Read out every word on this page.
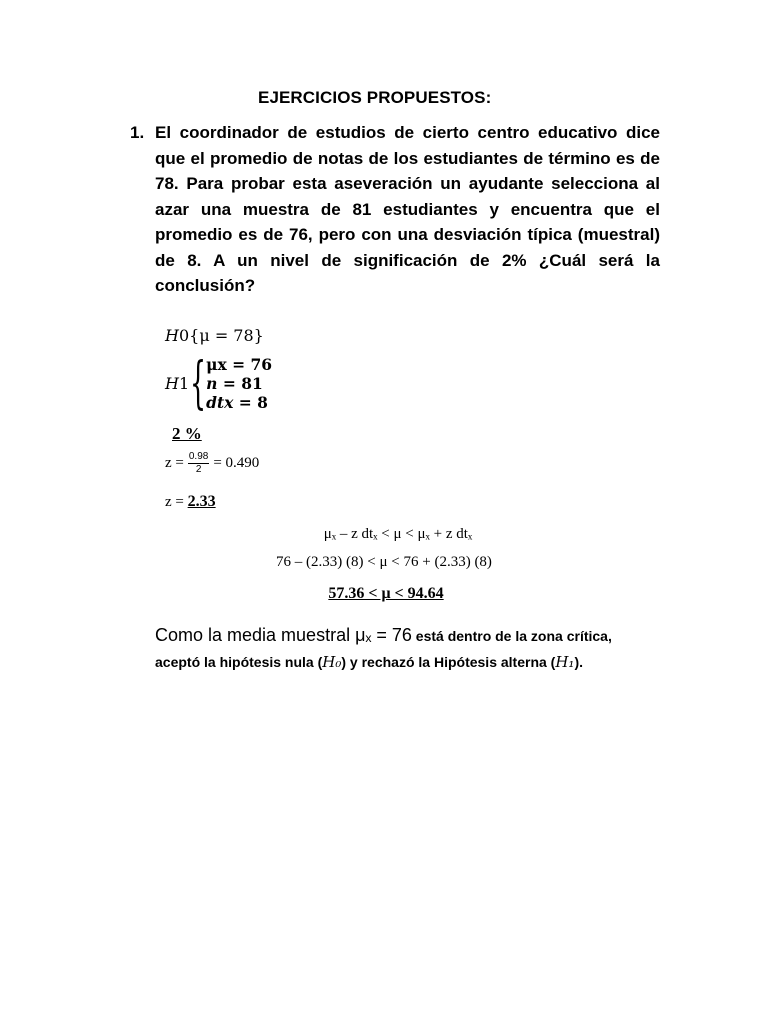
EJERCICIOS PROPUESTOS:
1. El coordinador de estudios de cierto centro educativo dice que el promedio de notas de los estudiantes de término es de 78. Para probar esta aseveración un ayudante selecciona al azar una muestra de 81 estudiantes y encuentra que el promedio es de 76, pero con una desviación típica (muestral) de 8. A un nivel de significación de 2% ¿Cuál será la conclusión?
H0{μ = 78}
H 1 { μx = 76
n = 81
dtx = 8
2 %
$z = \frac{0.98}{2} = 0.490$
z = 2.33
μₓ – z dtₓ < μ < μₓ + z dtₓ
76 – (2.33) (8) < μ < 76 + (2.33) (8)
57.36 < μ < 94.64
Como la media muestral μₓ = 76 está dentro de la zona crítica,
aceptó la hipótesis nula (H₀) y rechazó la Hipótesis alterna (H₁).
